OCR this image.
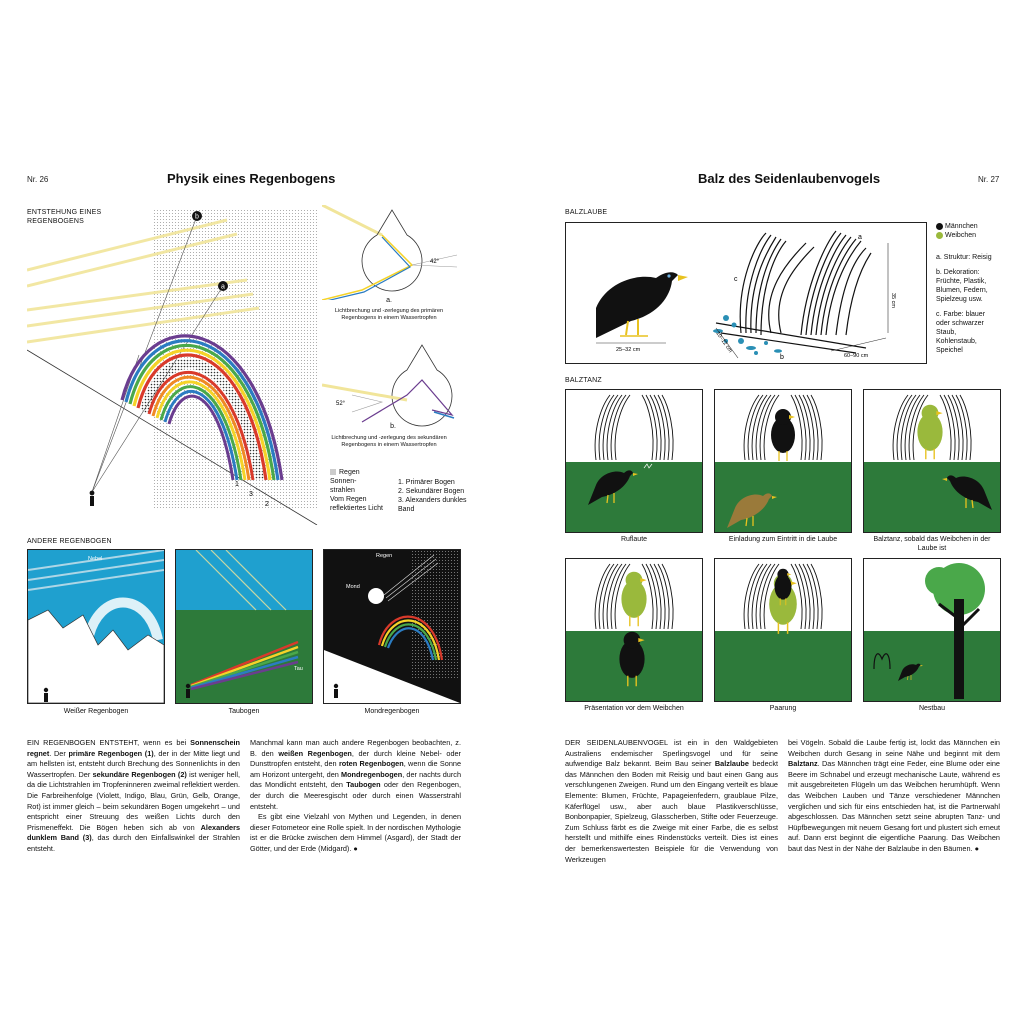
Nr. 26	Physik eines Regenbogens
ENTSTEHUNG EINES REGENBOGENS
b
a
1
3
2
42°
a.
Lichtbrechung und -zerlegung des primären Regenbogens in einem Wassertropfen
52°
b.
Lichtbrechung und -zerlegung des sekundären Regenbogens in einem Wassertropfen
Regen
Sonnen-
strahlen
Vom Regen reflektiertes Licht
1. Primärer Bogen
2. Sekundärer Bogen
3. Alexanders dunkles Band
ANDERE REGENBOGEN
Nebel
Weißer Regenbogen
Tau
Taubogen
Regen
Mond
Mondregenbogen

EIN REGENBOGEN ENTSTEHT, wenn es bei Sonnenschein regnet. Der primäre Regenbogen (1), der in der Mitte liegt und am hellsten ist, entsteht durch Brechung des Sonnenlichts in den Wassertropfen. Der sekundäre Regenbogen (2) ist weniger hell, da die Lichtstrahlen im Tropfeninneren zweimal reflektiert werden. Die Farbreihenfolge (Violett, Indigo, Blau, Grün, Gelb, Orange, Rot) ist immer gleich – beim sekundären Bogen umgekehrt – und entspricht einer Streuung des weißen Lichts durch den Prismeneffekt. Die Bögen heben sich ab von Alexanders dunklem Band (3), das durch den Einfallswinkel der Strahlen entsteht.

Manchmal kann man auch andere Regenbogen beobachten, z. B. den weißen Regenbogen, der durch kleine Nebel- oder Dunsttropfen entsteht, den roten Regenbogen, wenn die Sonne am Horizont untergeht, den Mondregenbogen, der nachts durch das Mondlicht entsteht, den Taubogen oder den Regenbogen, der durch die Meeresgischt oder durch einen Wasserstrahl entsteht.

Es gibt eine Vielzahl von Mythen und Legenden, in denen dieser Fotometeor eine Rolle spielt. In der nordischen Mythologie ist er die Brücke zwischen dem Himmel (Asgard), der Stadt der Götter, und der Erde (Midgard). ●

Balz des Seidenlaubenvogels	Nr. 27
BALZLAUBE
25–32 cm
35 cm
60–90 cm
10–12 cm
a
b
c
Männchen
Weibchen
a. Struktur: Reisig
b. Dekoration: Früchte, Plastik, Blumen, Federn, Spielzeug usw.
c. Farbe: blauer oder schwarzer Staub, Kohlenstaub, Speichel
BALZTANZ
Ruflaute	Einladung zum Eintritt in die Laube	Balztanz, sobald das Weibchen in der Laube ist
Präsentation vor dem Weibchen	Paarung	Nestbau

DER SEIDENLAUBENVOGEL ist ein in den Waldgebieten Australiens endemischer Sperlingsvogel und für seine aufwendige Balz bekannt. Beim Bau seiner Balzlaube bedeckt das Männchen den Boden mit Reisig und baut einen Gang aus verschlungenen Zweigen. Rund um den Eingang verteilt es blaue Elemente: Blumen, Früchte, Papageienfedern, graublaue Pilze, Käferflügel usw., aber auch blaue Plastikverschlüsse, Bonbonpapier, Spielzeug, Glasscherben, Stifte oder Feuerzeuge. Zum Schluss färbt es die Zweige mit einer Farbe, die es selbst herstellt und mithilfe eines Rindenstücks verteilt. Dies ist eines der bemerkenswertesten Beispiele für die Verwendung von Werkzeugen

bei Vögeln. Sobald die Laube fertig ist, lockt das Männchen ein Weibchen durch Gesang in seine Nähe und beginnt mit dem Balztanz. Das Männchen trägt eine Feder, eine Blume oder eine Beere im Schnabel und erzeugt mechanische Laute, während es mit ausgebreiteten Flügeln um das Weibchen herumhüpft. Wenn das Weibchen Lauben und Tänze verschiedener Männchen verglichen und sich für eins entschieden hat, ist die Partnerwahl abgeschlossen. Das Männchen setzt seine abrupten Tanz- und Hüpfbewegungen mit neuem Gesang fort und plustert sich erneut auf. Dann erst beginnt die eigentliche Paarung. Das Weibchen baut das Nest in der Nähe der Balzlaube in den Bäumen. ●
